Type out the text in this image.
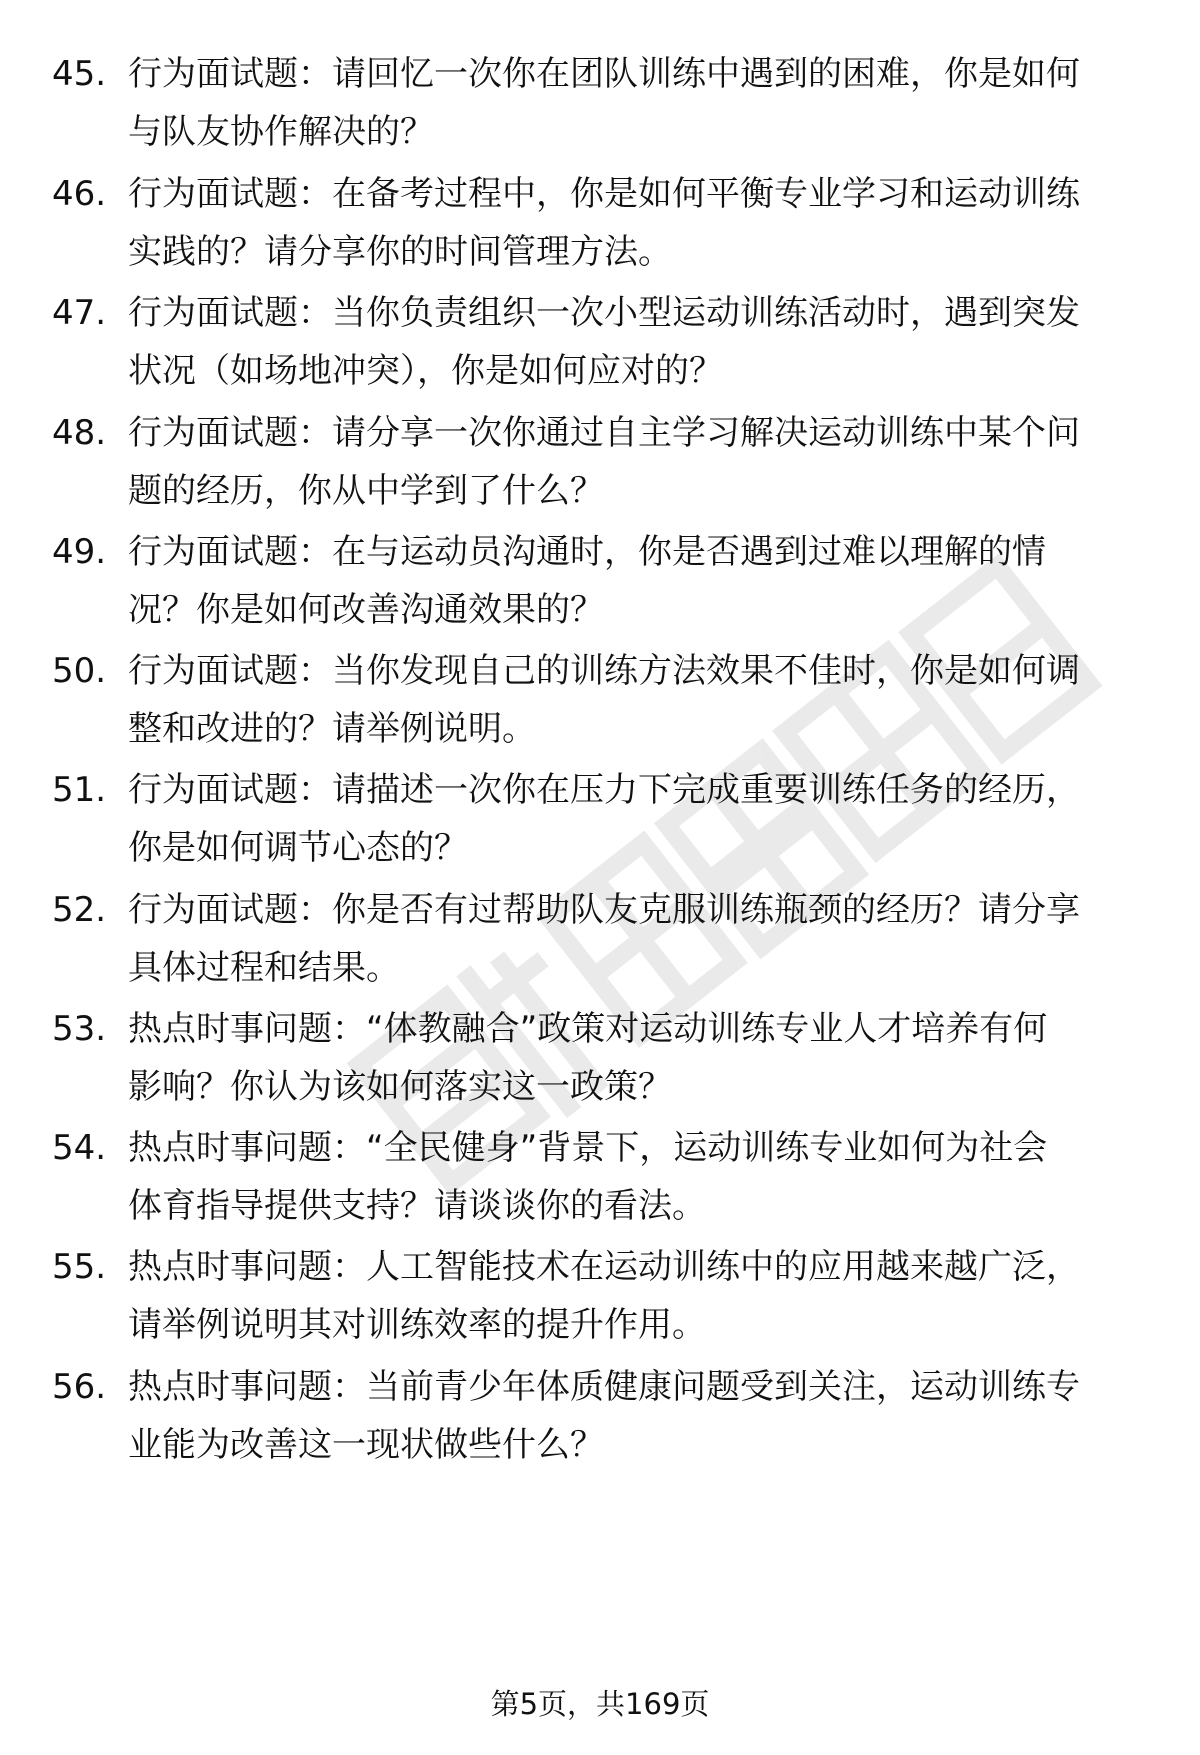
45. 行为面试题：请回忆一次你在团队训练中遇到的困难，你是如何
与队友协作解决的？
46. 行为面试题：在备考过程中，你是如何平衡专业学习和运动训练
实践的？请分享你的时间管理方法。
47. 行为面试题：当你负责组织一次小型运动训练活动时，遇到突发
状况（如场地冲突），你是如何应对的？
48. 行为面试题：请分享一次你通过自主学习解决运动训练中某个问
题的经历，你从中学到了什么？
49. 行为面试题：在与运动员沟通时，你是否遇到过难以理解的情
况？你是如何改善沟通效果的？
50. 行为面试题：当你发现自己的训练方法效果不佳时，你是如何调
整和改进的？请举例说明。
51. 行为面试题：请描述一次你在压力下完成重要训练任务的经历，
你是如何调节心态的？
52. 行为面试题：你是否有过帮助队友克服训练瓶颈的经历？请分享
具体过程和结果。
53. 热点时事问题：“体教融合”政策对运动训练专业人才培养有何
影响？你认为该如何落实这一政策？
54. 热点时事问题：“全民健身”背景下，运动训练专业如何为社会
体育指导提供支持？请谈谈你的看法。
55. 热点时事问题：人工智能技术在运动训练中的应用越来越广泛，
请举例说明其对训练效率的提升作用。
56. 热点时事问题：当前青少年体质健康问题受到关注，运动训练专
业能为改善这一现状做些什么？
第5页，共169页
